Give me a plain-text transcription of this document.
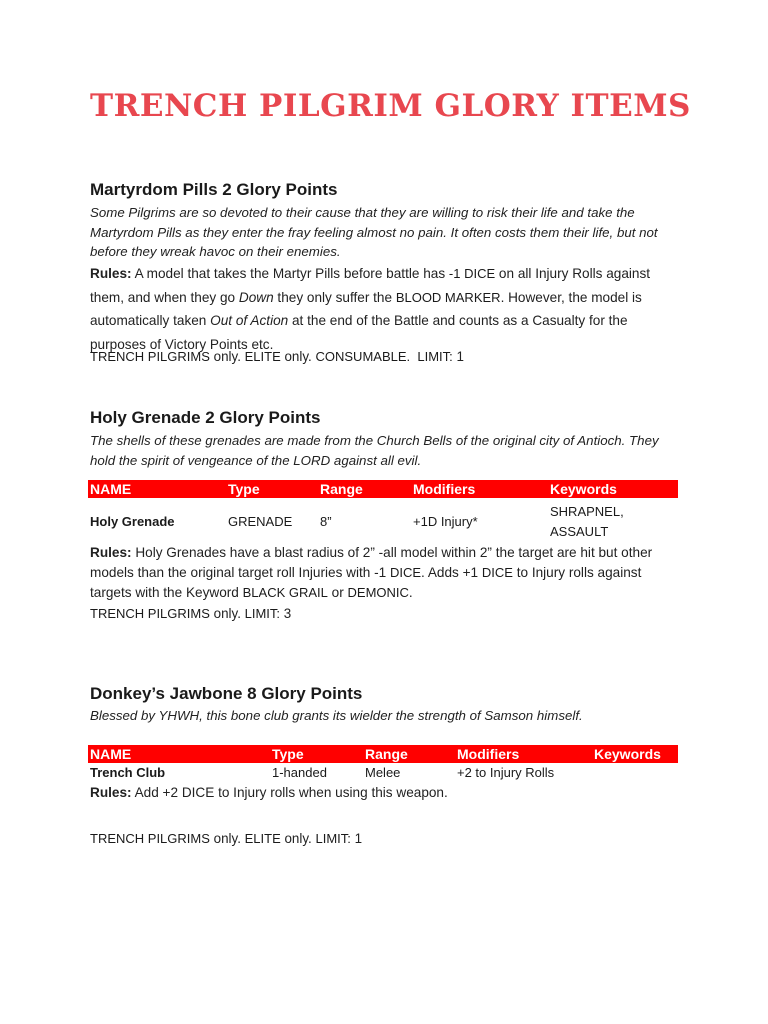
TRENCH PILGRIM GLORY ITEMS
Martyrdom Pills 2 Glory Points

Some Pilgrims are so devoted to their cause that they are willing to risk their life and take the Martyrdom Pills as they enter the fray feeling almost no pain. It often costs them their life, but not before they wreak havoc on their enemies.

Rules: A model that takes the Martyr Pills before battle has -1 DICE on all Injury Rolls against them, and when they go Down they only suffer the BLOOD MARKER. However, the model is automatically taken Out of Action at the end of the Battle and counts as a Casualty for the purposes of Victory Points etc.

TRENCH PILGRIMS only. ELITE only. CONSUMABLE.  LIMIT: 1

Holy Grenade 2 Glory Points

The shells of these grenades are made from the Church Bells of the original city of Antioch. They hold the spirit of vengeance of the LORD against all evil.

NAME	Type	Range	Modifiers	Keywords
Holy Grenade	GRENADE	8”	+1D Injury*	SHRAPNEL, ASSAULT

Rules: Holy Grenades have a blast radius of 2” -all model within 2” the target are hit but other models than the original target roll Injuries with -1 DICE. Adds +1 DICE to Injury rolls against targets with the Keyword BLACK GRAIL or DEMONIC.

TRENCH PILGRIMS only. LIMIT: 3

Donkey’s Jawbone 8 Glory Points

Blessed by YHWH, this bone club grants its wielder the strength of Samson himself.

NAME	Type	Range	Modifiers	Keywords
Trench Club	1-handed	Melee	+2 to Injury Rolls	

Rules: Add +2 DICE to Injury rolls when using this weapon.

TRENCH PILGRIMS only. ELITE only. LIMIT: 1
